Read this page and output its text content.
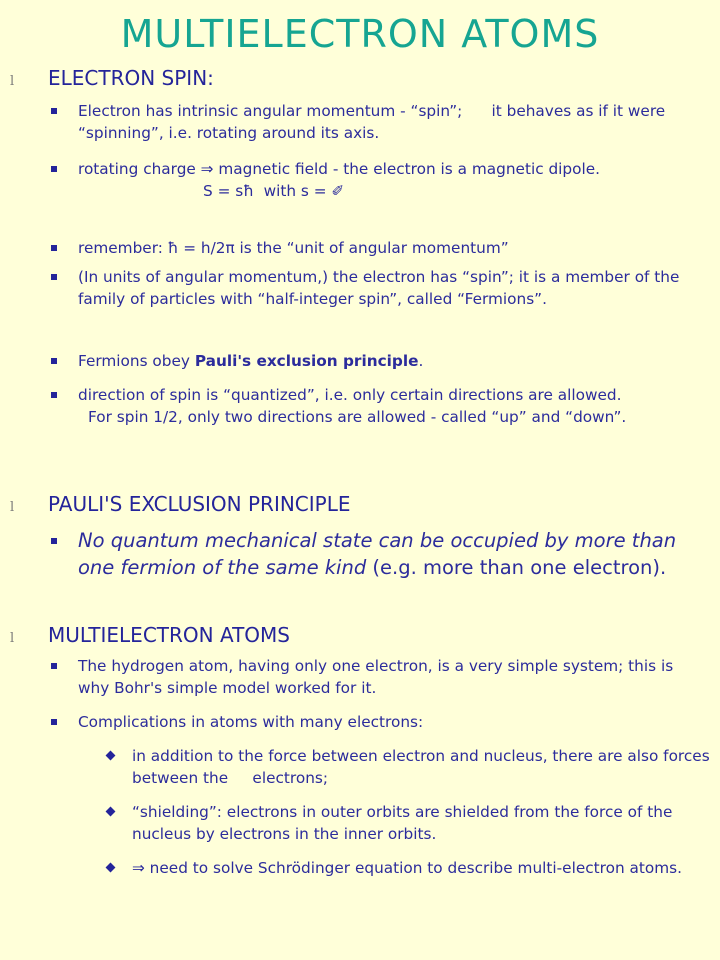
MULTIELECTRON ATOMS
l ELECTRON SPIN:
Electron has intrinsic angular momentum - “spin”;      it behaves as if it were “spinning”, i.e. rotating around its axis.
rotating charge ⇒ magnetic field - the electron is a magnetic dipole.
S = sħ  with s = ✐
remember: ħ = h/2π is the “unit of angular momentum”
(In units of angular momentum,) the electron has “spin”; it is a member of the family of particles with “half-integer spin”, called “Fermions”.
Fermions obey Pauli's exclusion principle.
direction of spin is “quantized”, i.e. only certain directions are allowed.
For spin 1/2, only two directions are allowed - called “up” and “down”.
l PAULI'S EXCLUSION PRINCIPLE
No quantum mechanical state can be occupied by more than one fermion of the same kind (e.g. more than one electron).
l MULTIELECTRON ATOMS
The hydrogen atom, having only one electron, is a very simple system; this is why Bohr's simple model worked for it.
Complications in atoms with many electrons:
in addition to the force between electron and nucleus, there are also forces between the     electrons;
“shielding”: electrons in outer orbits are shielded from the force of the nucleus by electrons in the inner orbits.
⇒ need to solve Schrödinger equation to describe multi-electron atoms.
